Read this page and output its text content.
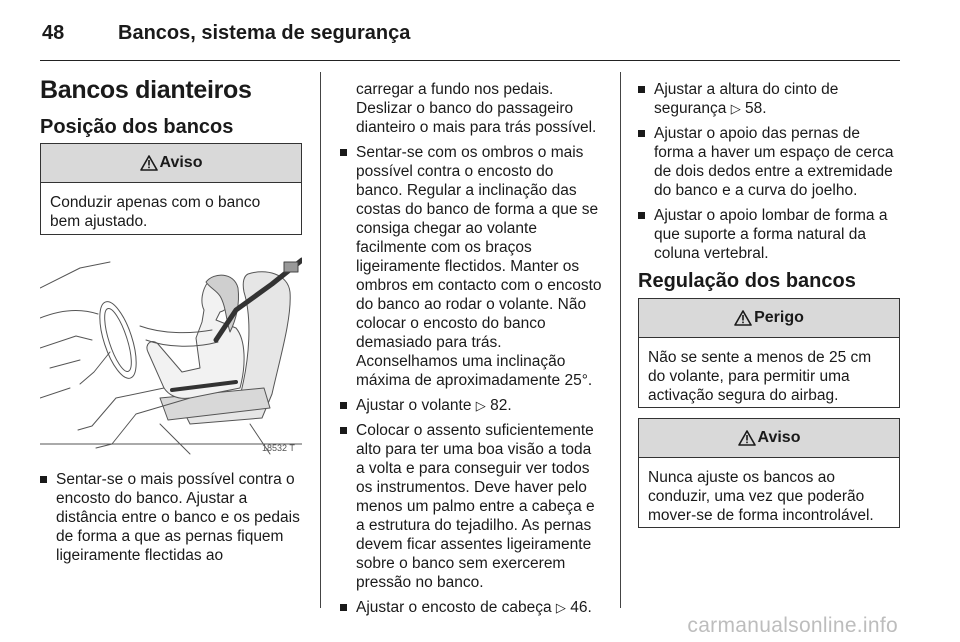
48	Bancos, sistema de segurança
Bancos dianteiros
Posição dos bancos
Aviso
Conduzir apenas com o banco bem ajustado.
18532 T

Sentar-se o mais possível contra o encosto do banco. Ajustar a distância entre o banco e os pedais de forma a que as pernas fiquem ligeiramente flectidas ao

carregar a fundo nos pedais. Deslizar o banco do passageiro dianteiro o mais para trás possível.

Sentar-se com os ombros o mais possível contra o encosto do banco. Regular a inclinação das costas do banco de forma a que se consiga chegar ao volante facilmente com os braços ligeiramente flectidos. Manter os ombros em contacto com o encosto do banco ao rodar o volante. Não colocar o encosto do banco demasiado para trás. Aconselhamos uma inclinação máxima de aproximadamente 25°.

Ajustar o volante ▷ 82.

Colocar o assento suficientemente alto para ter uma boa visão a toda a volta e para conseguir ver todos os instrumentos. Deve haver pelo menos um palmo entre a cabeça e a estrutura do tejadilho. As pernas devem ficar assentes ligeiramente sobre o banco sem exercerem pressão no banco.

Ajustar o encosto de cabeça ▷ 46.

Ajustar a altura do cinto de segurança ▷ 58.

Ajustar o apoio das pernas de forma a haver um espaço de cerca de dois dedos entre a extremidade do banco e a curva do joelho.

Ajustar o apoio lombar de forma a que suporte a forma natural da coluna vertebral.

Regulação dos bancos
Perigo
Não se sente a menos de 25 cm do volante, para permitir uma activação segura do airbag.
Aviso
Nunca ajuste os bancos ao conduzir, uma vez que poderão mover-se de forma incontrolável.
carmanualsonline.info
